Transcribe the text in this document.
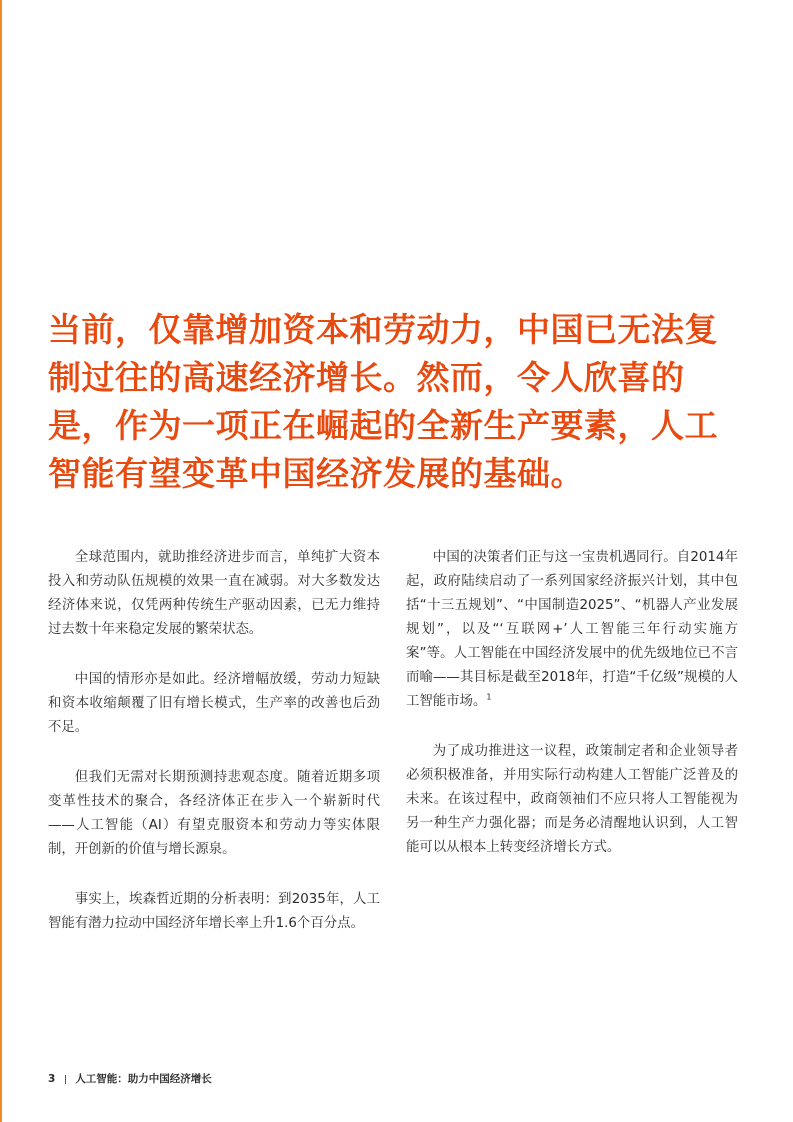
当前，仅靠增加资本和劳动力，中国已无法复制过往的高速经济增长。然而，令人欣喜的是，作为一项正在崛起的全新生产要素，人工智能有望变革中国经济发展的基础。

全球范围内，就助推经济进步而言，单纯扩大资本投入和劳动队伍规模的效果一直在减弱。对大多数发达经济体来说，仅凭两种传统生产驱动因素，已无力维持过去数十年来稳定发展的繁荣状态。

中国的情形亦是如此。经济增幅放缓，劳动力短缺和资本收缩颠覆了旧有增长模式，生产率的改善也后劲不足。

但我们无需对长期预测持悲观态度。随着近期多项变革性技术的聚合，各经济体正在步入一个崭新时代——人工智能（AI）有望克服资本和劳动力等实体限制，开创新的价值与增长源泉。

事实上，埃森哲近期的分析表明：到2035年，人工智能有潜力拉动中国经济年增长率上升1.6个百分点。

中国的决策者们正与这一宝贵机遇同行。自2014年起，政府陆续启动了一系列国家经济振兴计划，其中包括“十三五规划”、“中国制造2025”、“机器人产业发展规划”，以及“‘互联网+’人工智能三年行动实施方案”等。人工智能在中国经济发展中的优先级地位已不言而喻——其目标是截至2018年，打造“千亿级”规模的人工智能市场。$^1$

为了成功推进这一议程，政策制定者和企业领导者必须积极准备，并用实际行动构建人工智能广泛普及的未来。在该过程中，政商领袖们不应只将人工智能视为另一种生产力强化器；而是务必清醒地认识到，人工智能可以从根本上转变经济增长方式。

3 人工智能：助力中国经济增长
